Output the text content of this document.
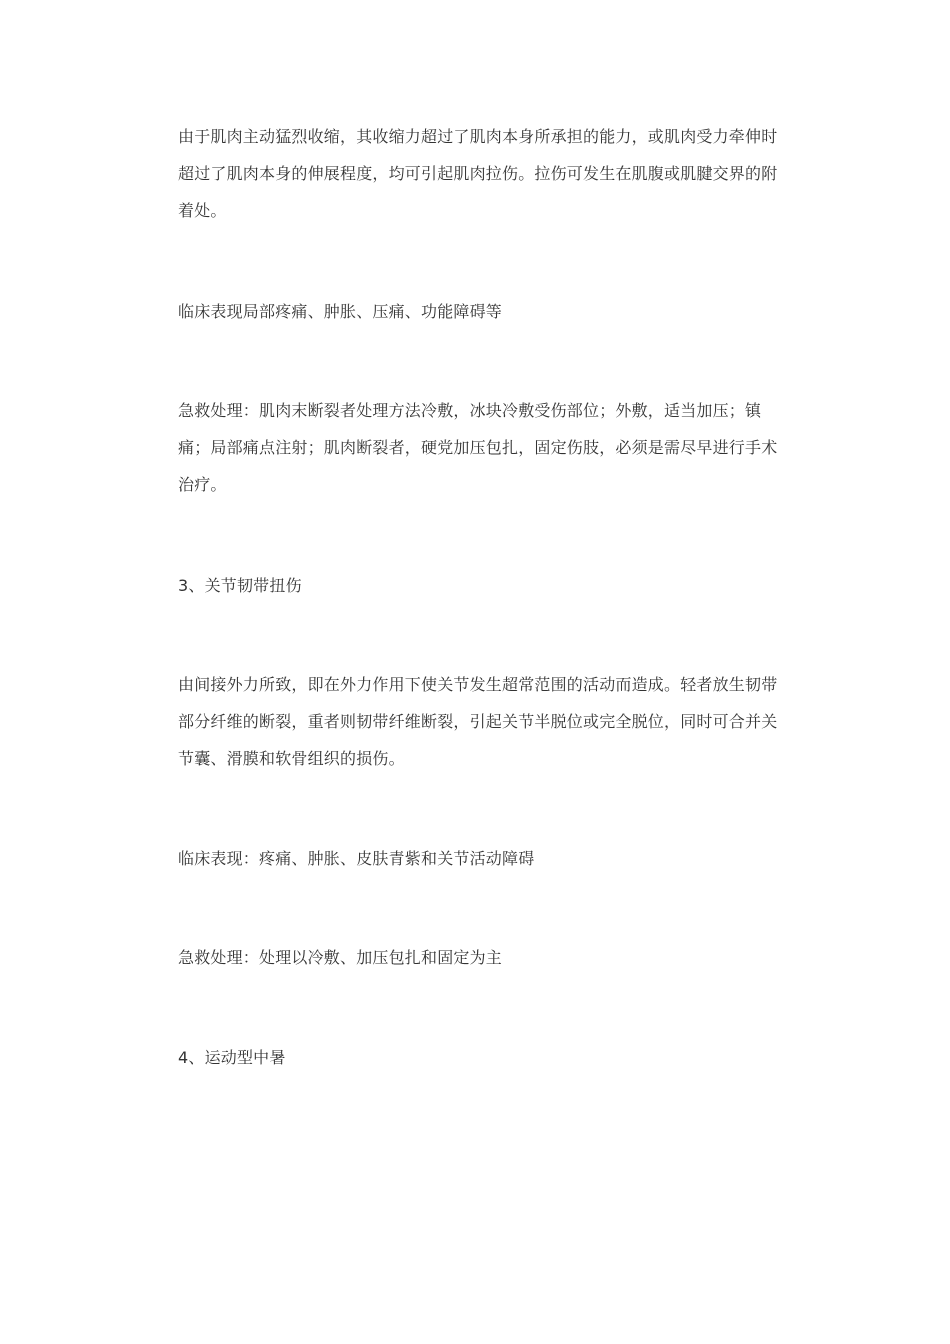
由于肌肉主动猛烈收缩，其收缩力超过了肌肉本身所承担的能力，或肌肉受力牵伸时超过了肌肉本身的伸展程度，均可引起肌肉拉伤。拉伤可发生在肌腹或肌腱交界的附着处。

临床表现局部疼痛、肿胀、压痛、功能障碍等

急救处理：肌肉末断裂者处理方法冷敷，冰块冷敷受伤部位；外敷，适当加压；镇痛；局部痛点注射；肌肉断裂者，硬党加压包扎，固定伤肢，必须是需尽早进行手术治疗。

3、关节韧带扭伤

由间接外力所致，即在外力作用下使关节发生超常范围的活动而造成。轻者放生韧带部分纤维的断裂，重者则韧带纤维断裂，引起关节半脱位或完全脱位，同时可合并关节囊、滑膜和软骨组织的损伤。

临床表现：疼痛、肿胀、皮肤青紫和关节活动障碍

急救处理：处理以冷敷、加压包扎和固定为主

4、运动型中暑
